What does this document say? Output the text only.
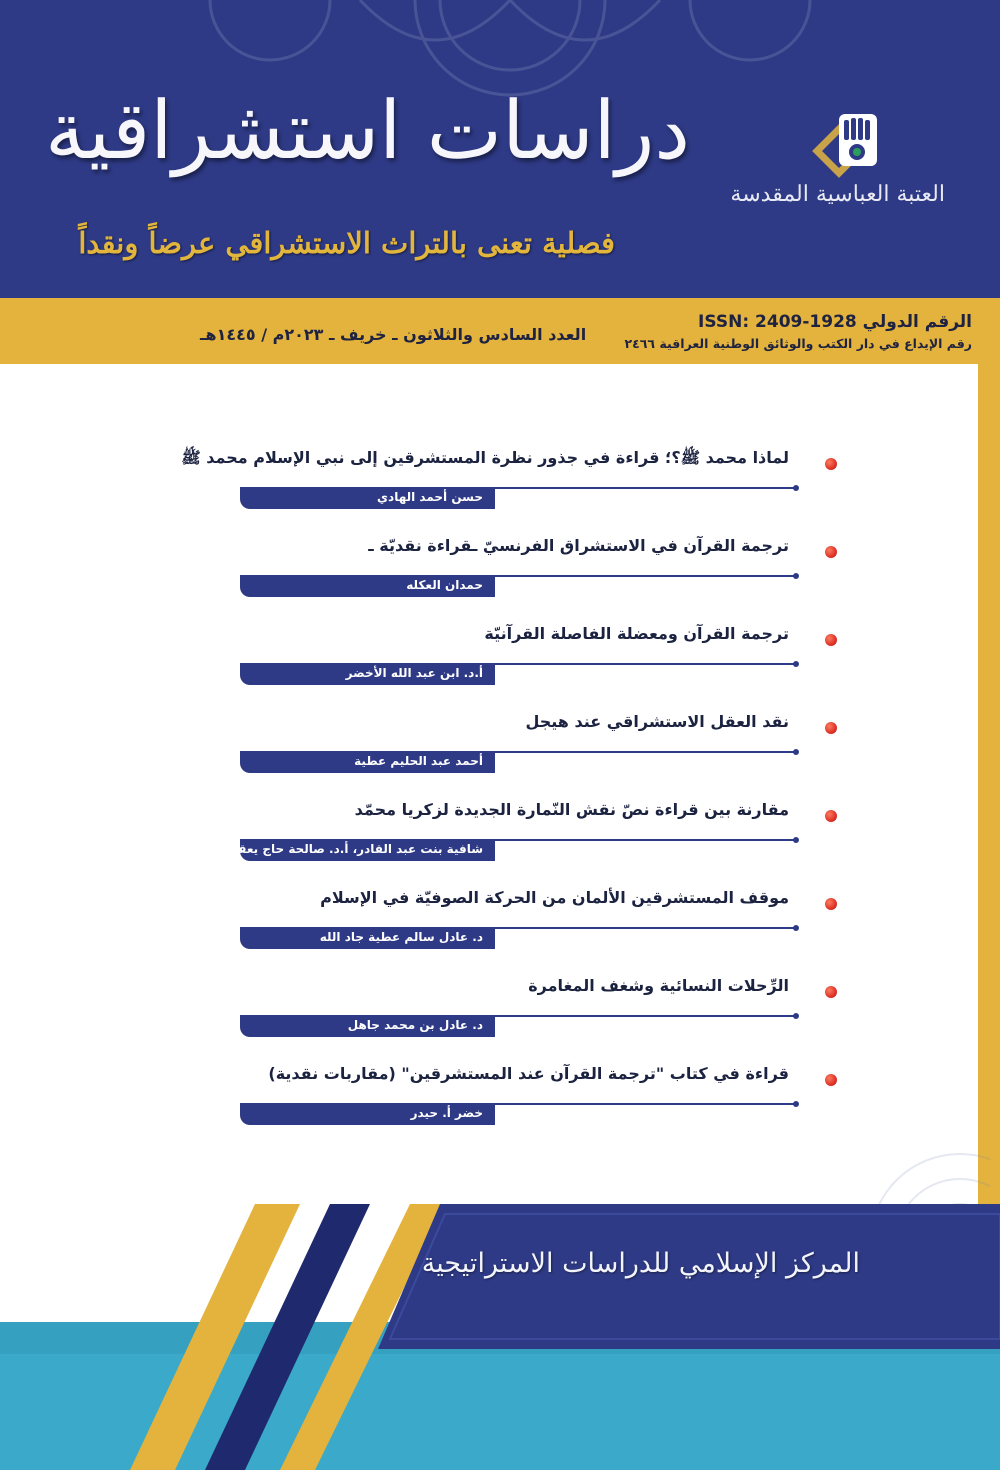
دراسات استشراقية
فصلية تعنى بالتراث الاستشراقي عرضاً ونقداً
العتبة العباسية المقدسة
العدد السادس والثلاثون ـ خريف ـ ٢٠٢٣م / ١٤٤٥هـ
الرقم الدولي ISSN: 2409-1928
رقم الإيداع في دار الكتب والوثائق الوطنية العراقية ٢٤٦٦
لماذا محمد ﷺ؟؛ قراءة في جذور نظرة المستشرقين إلى نبي الإسلام محمد ﷺ
حسن أحمد الهادي
ترجمة القرآن في الاستشراق الفرنسيّ ـقراءة نقديّة ـ
حمدان العكله
ترجمة القرآن ومعضلة الفاصلة القرآنيّة
أ.د. ابن عبد الله الأخضر
نقد العقل الاستشراقي عند هيجل
أحمد عبد الحليم عطية
مقارنة بين قراءة نصّ نقش النّمارة الجديدة لزكريا محمّد
شافية بنت عبد القادر، أ.د. صالحة حاج يعقوب
موقف المستشرقين الألمان من الحركة الصوفيّة في الإسلام
د. عادل سالم عطية جاد الله
الرِّحلات النسائية وشغف المغامرة
د. عادل بن محمد جاهل
قراءة في كتاب "ترجمة القرآن عند المستشرقين" (مقاربات نقدية)
خضر أ. حيدر
المركز الإسلامي للدراسات الاستراتيجية
